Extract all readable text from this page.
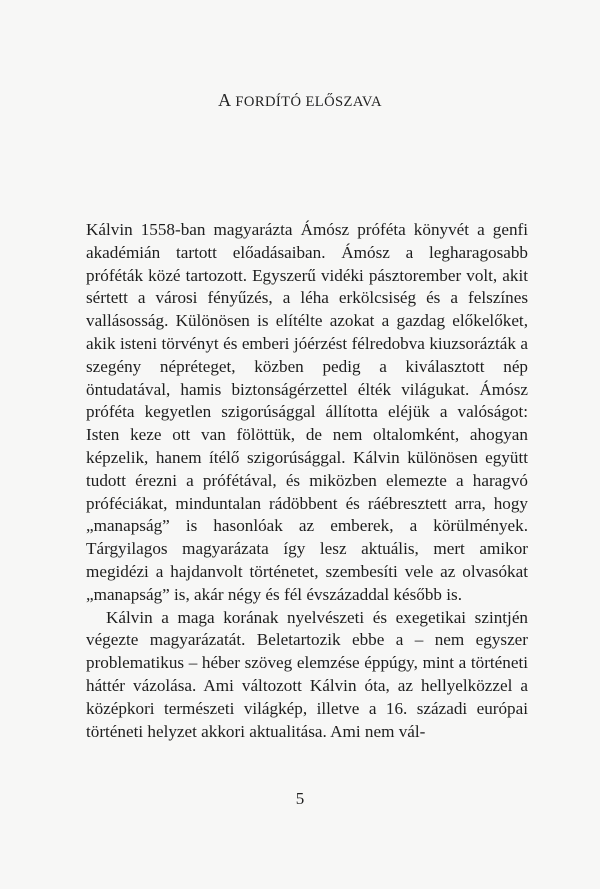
A FORDÍTÓ ELŐSZAVA

Kálvin 1558-ban magyarázta Ámósz próféta könyvét a genfi akadémián tartott előadásaiban. Ámósz a legharagosabb próféták közé tartozott. Egyszerű vidéki pásztorember volt, akit sértett a városi fényűzés, a léha erkölcsiség és a felszínes vallásosság. Különösen is elítélte azokat a gazdag előkelőket, akik isteni törvényt és emberi jóérzést félredobva kiuzsorázták a szegény népréteget, közben pedig a kiválasztott nép öntudatával, hamis biztonságérzettel élték világukat. Ámósz próféta kegyetlen szigorúsággal állította eléjük a valóságot: Isten keze ott van fölöttük, de nem oltalomként, ahogyan képzelik, hanem ítélő szigorúsággal. Kálvin különösen együtt tudott érezni a prófétával, és miközben elemezte a haragvó próféciákat, minduntalan rádöbbent és ráébresztett arra, hogy „manapság” is hasonlóak az emberek, a körülmények. Tárgyilagos magyarázata így lesz aktuális, mert amikor megidézi a hajdanvolt történetet, szembesíti vele az olvasókat „manapság” is, akár négy és fél évszázaddal később is.

Kálvin a maga korának nyelvészeti és exegetikai szintjén végezte magyarázatát. Beletartozik ebbe a – nem egyszer problematikus – héber szöveg elemzése éppúgy, mint a történeti háttér vázolása. Ami változott Kálvin óta, az hellyelközzel a középkori természeti világkép, illetve a 16. századi európai történeti helyzet akkori aktualitása. Ami nem vál-

5
